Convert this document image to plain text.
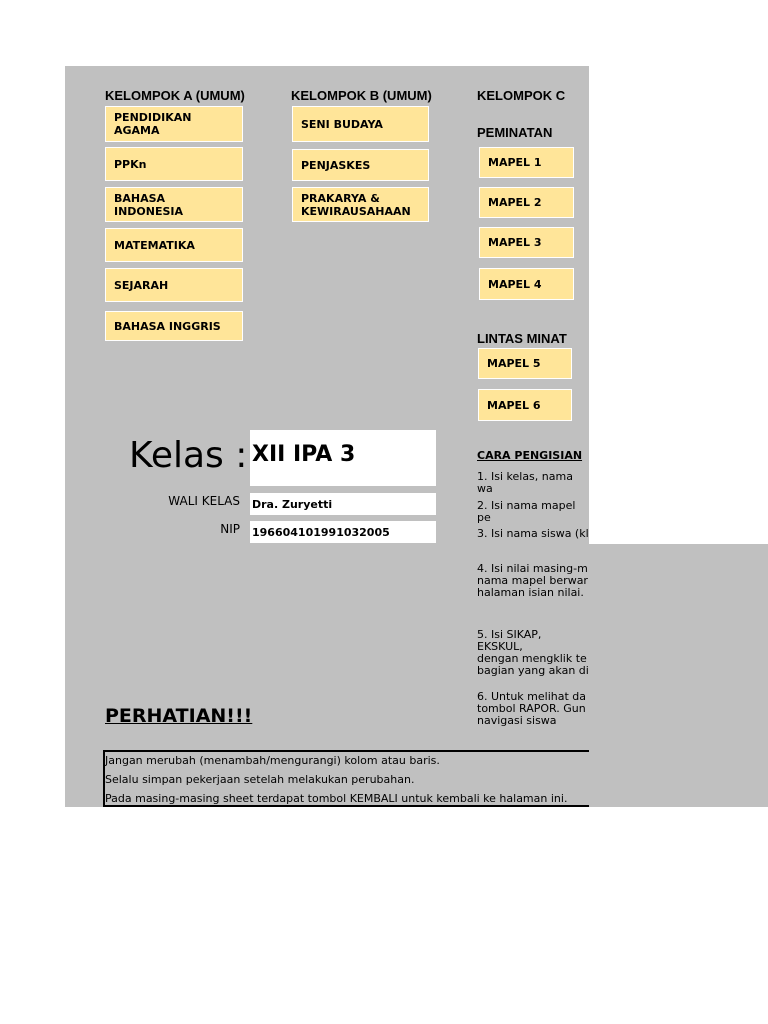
KELOMPOK A (UMUM)	KELOMPOK B (UMUM)	KELOMPOK C
PEMINATAN
LINTAS MINAT
PENDIDIKAN AGAMA
PPKn
BAHASA INDONESIA
MATEMATIKA
SEJARAH
BAHASA INGGRIS
SENI BUDAYA
PENJASKES
PRAKARYA & KEWIRAUSAHAAN
MAPEL 1
MAPEL 2
MAPEL 3
MAPEL 4
MAPEL 5
MAPEL 6
Kelas : XII IPA 3
WALI KELAS Dra. Zuryetti
NIP 196604101991032005
CARA PENGISIAN
1. Isi kelas, nama wa
2. Isi nama mapel pe
3. Isi nama siswa (kl
4. Isi nilai masing-m
nama mapel berwar
halaman isian nilai.
5. Isi SIKAP, EKSKUL,
dengan mengklik te
bagian yang akan di
6. Untuk melihat da
tombol RAPOR. Gun
navigasi siswa
PERHATIAN!!!
Jangan merubah (menambah/mengurangi) kolom atau baris.
Selalu simpan pekerjaan setelah melakukan perubahan.
Pada masing-masing sheet terdapat tombol KEMBALI untuk kembali ke halaman ini.
